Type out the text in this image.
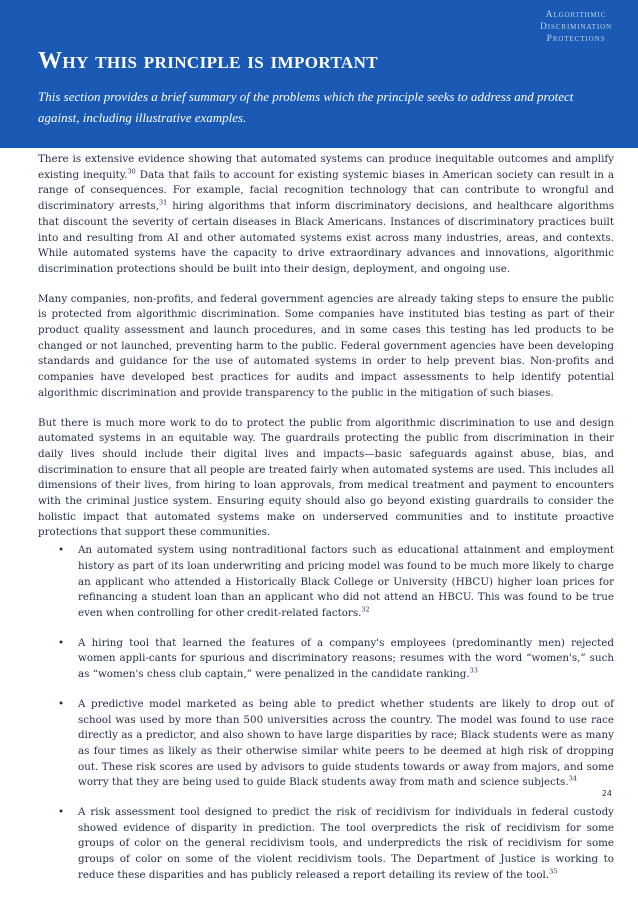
Algorithmic
Discrimination
Protections
Why this principle is important

This section provides a brief summary of the problems which the principle seeks to address and protect against, including illustrative examples.

There is extensive evidence showing that automated systems can produce inequitable outcomes and amplify existing inequity.$^{30}$ Data that fails to account for existing systemic biases in American society can result in a range of consequences. For example, facial recognition technology that can contribute to wrongful and discriminatory arrests,$^{31}$ hiring algorithms that inform discriminatory decisions, and healthcare algorithms that discount the severity of certain diseases in Black Americans. Instances of discriminatory practices built into and resulting from AI and other automated systems exist across many industries, areas, and contexts. While automated systems have the capacity to drive extraordinary advances and innovations, algorithmic discrimination protections should be built into their design, deployment, and ongoing use.

Many companies, non-profits, and federal government agencies are already taking steps to ensure the public is protected from algorithmic discrimination. Some companies have instituted bias testing as part of their product quality assessment and launch procedures, and in some cases this testing has led products to be changed or not launched, preventing harm to the public. Federal government agencies have been developing standards and guidance for the use of automated systems in order to help prevent bias. Non-profits and companies have developed best practices for audits and impact assessments to help identify potential algorithmic discrimination and provide transparency to the public in the mitigation of such biases.

But there is much more work to do to protect the public from algorithmic discrimination to use and design automated systems in an equitable way. The guardrails protecting the public from discrimination in their daily lives should include their digital lives and impacts—basic safeguards against abuse, bias, and discrimination to ensure that all people are treated fairly when automated systems are used. This includes all dimensions of their lives, from hiring to loan approvals, from medical treatment and payment to encounters with the criminal justice system. Ensuring equity should also go beyond existing guardrails to consider the holistic impact that automated systems make on underserved communities and to institute proactive protections that support these communities.

• An automated system using nontraditional factors such as educational attainment and employment history as part of its loan underwriting and pricing model was found to be much more likely to charge an applicant who attended a Historically Black College or University (HBCU) higher loan prices for refinancing a student loan than an applicant who did not attend an HBCU. This was found to be true even when controlling for other credit-related factors.$^{32}$
• A hiring tool that learned the features of a company's employees (predominantly men) rejected women appli-cants for spurious and discriminatory reasons; resumes with the word “women's,” such as “women's chess club captain,” were penalized in the candidate ranking.$^{33}$
• A predictive model marketed as being able to predict whether students are likely to drop out of school was used by more than 500 universities across the country. The model was found to use race directly as a predictor, and also shown to have large disparities by race; Black students were as many as four times as likely as their otherwise similar white peers to be deemed at high risk of dropping out. These risk scores are used by advisors to guide students towards or away from majors, and some worry that they are being used to guide Black students away from math and science subjects.$^{34}$
• A risk assessment tool designed to predict the risk of recidivism for individuals in federal custody showed evidence of disparity in prediction. The tool overpredicts the risk of recidivism for some groups of color on the general recidivism tools, and underpredicts the risk of recidivism for some groups of color on some of the violent recidivism tools. The Department of Justice is working to reduce these disparities and has publicly released a report detailing its review of the tool.$^{35}$
24
